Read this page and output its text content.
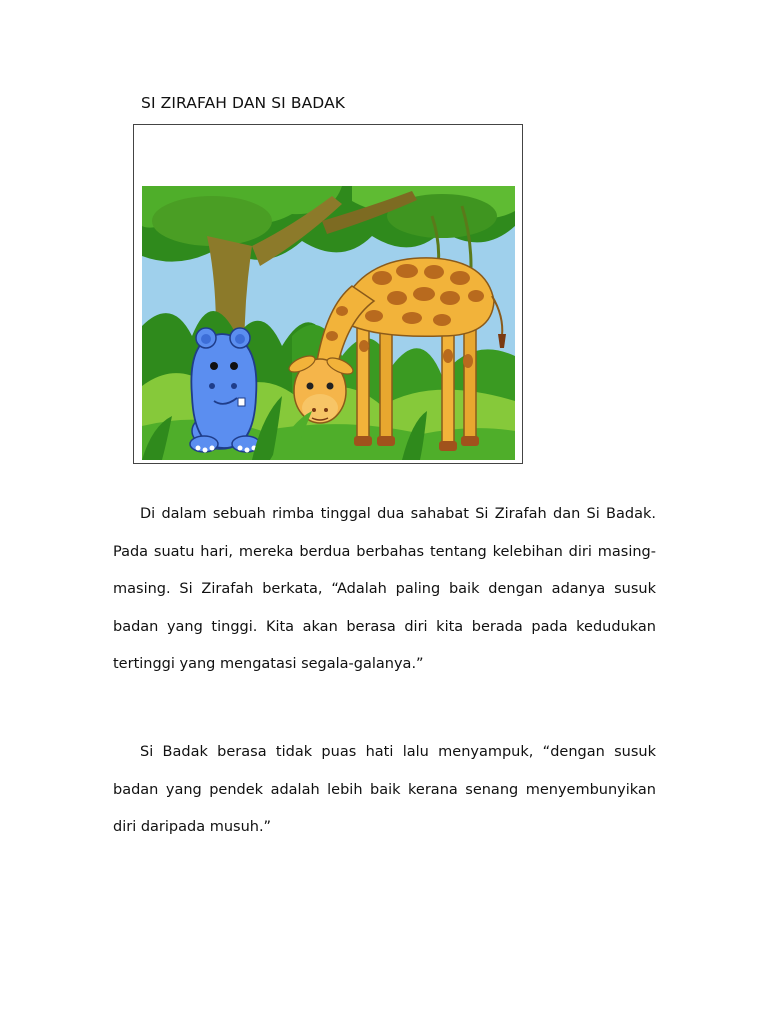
SI ZIRAFAH DAN SI BADAK
Di dalam sebuah rimba tinggal dua sahabat Si Zirafah dan Si Badak. Pada suatu hari, mereka berdua berbahas tentang kelebihan diri masing-masing. Si Zirafah berkata, “Adalah paling baik dengan adanya susuk badan yang tinggi. Kita akan berasa diri kita berada pada kedudukan tertinggi yang mengatasi segala-galanya.”
Si Badak berasa tidak puas hati lalu menyampuk, “dengan susuk badan yang pendek adalah lebih baik kerana senang menyembunyikan diri daripada musuh.”
